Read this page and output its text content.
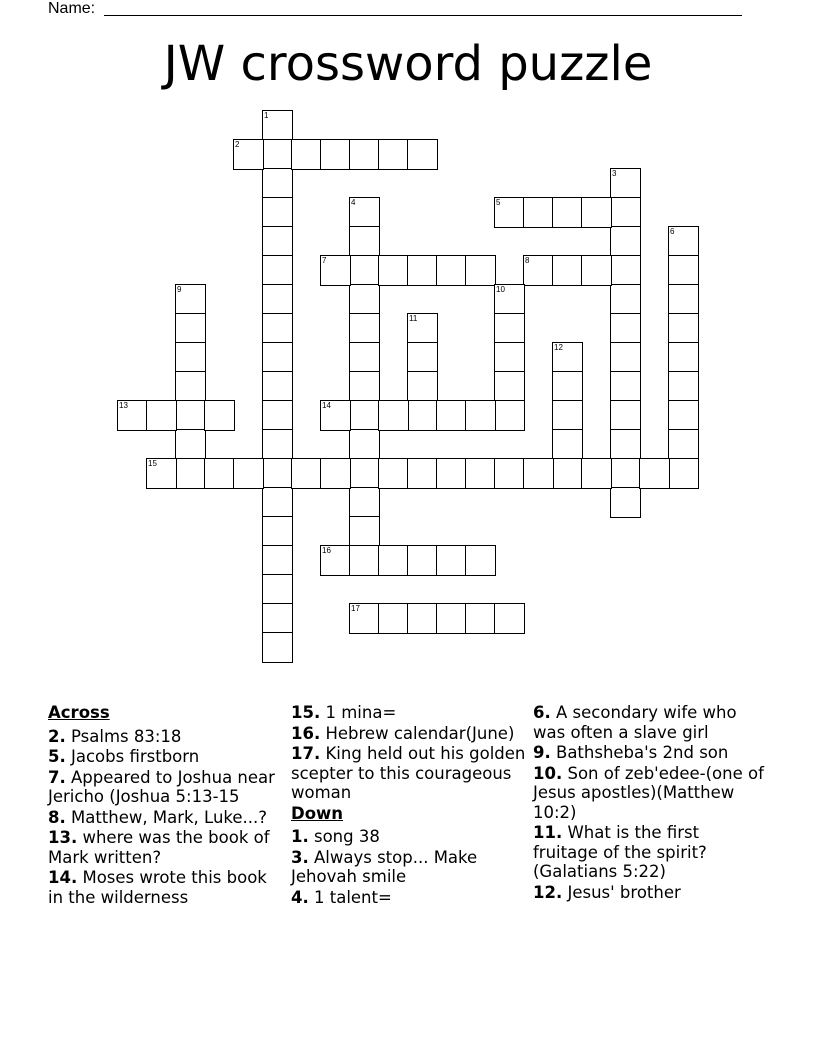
Name:
JW crossword puzzle
1
2
3
4	5
6
7	8
9	10
11
12
13	14
15
16
17
Across
2. Psalms 83:18
5. Jacobs firstborn
7. Appeared to Joshua near Jericho (Joshua 5:13-15
8. Matthew, Mark, Luke...?
13. where was the book of Mark written?
14. Moses wrote this book in the wilderness
15. 1 mina=
16. Hebrew calendar(June)
17. King held out his golden scepter to this courageous woman
Down
1. song 38
3. Always stop... Make Jehovah smile
4. 1 talent=
6. A secondary wife who was often a slave girl
9. Bathsheba's 2nd son
10. Son of zeb'edee-(one of Jesus apostles)(Matthew 10:2)
11. What is the first fruitage of the spirit?(Galatians 5:22)
12. Jesus' brother
